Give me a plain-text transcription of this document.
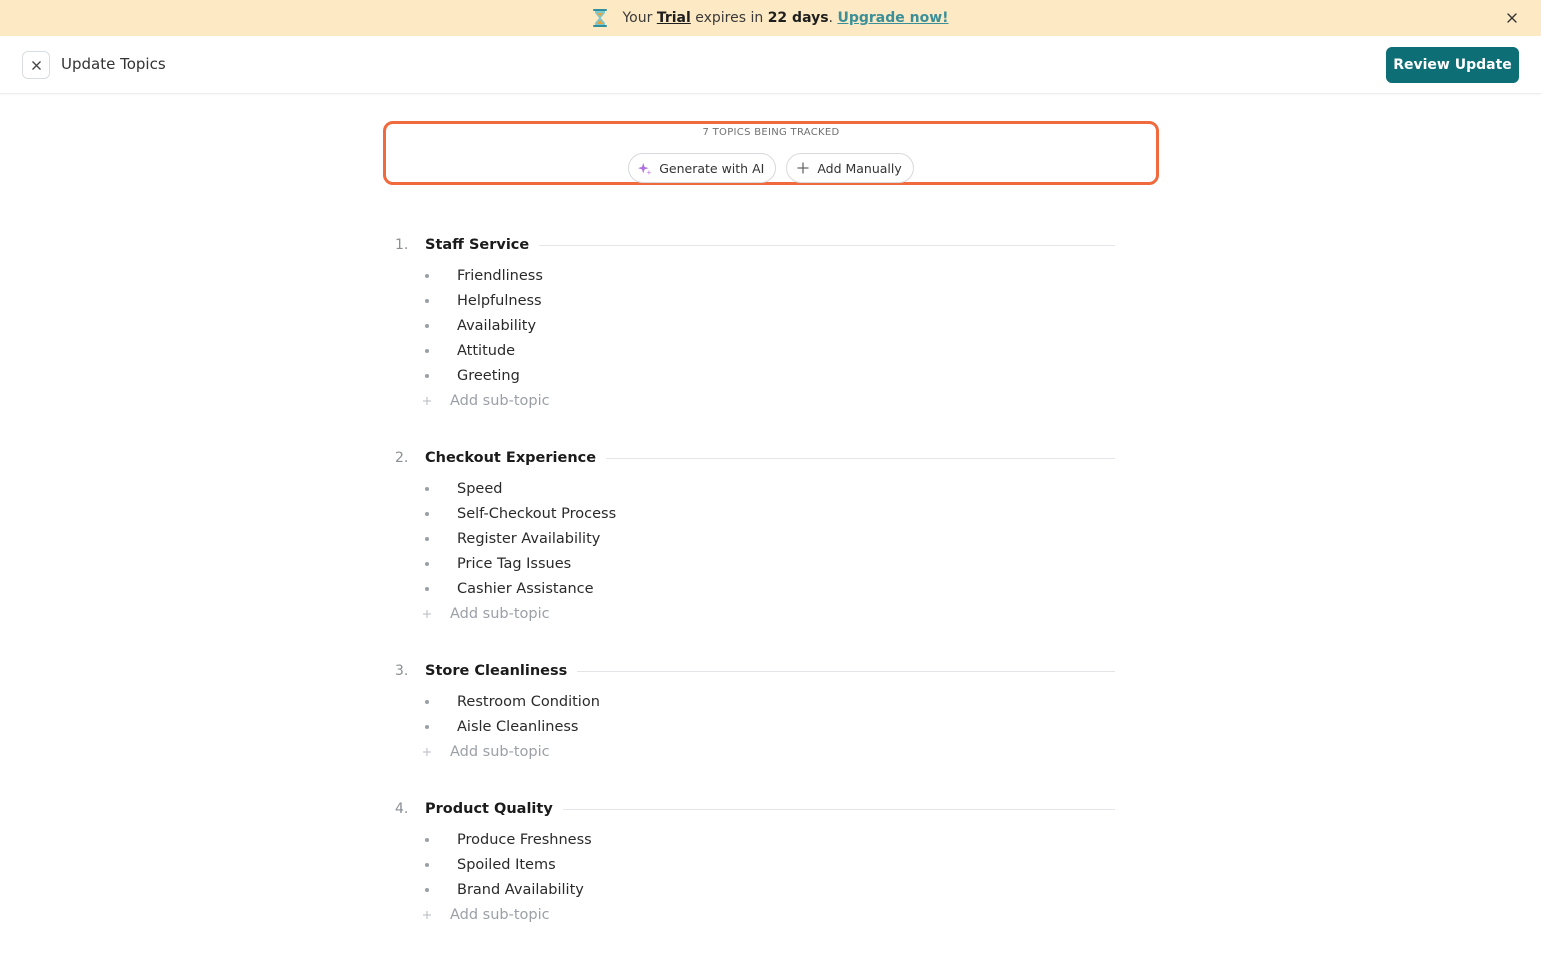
Your
Trial
expires in
22 days .
Upgrade now!
Update Topics	Review Update
7 TOPICS BEING TRACKED
Generate with AI	Add Manually
1.	Staff Service
Friendliness
Helpfulness
Availability
Attitude
Greeting
Add sub-topic
2.	Checkout Experience
Speed
Self-Checkout Process
Register Availability
Price Tag Issues
Cashier Assistance
Add sub-topic
3.	Store Cleanliness
Restroom Condition
Aisle Cleanliness
Add sub-topic
4.	Product Quality
Produce Freshness
Spoiled Items
Brand Availability
Add sub-topic
